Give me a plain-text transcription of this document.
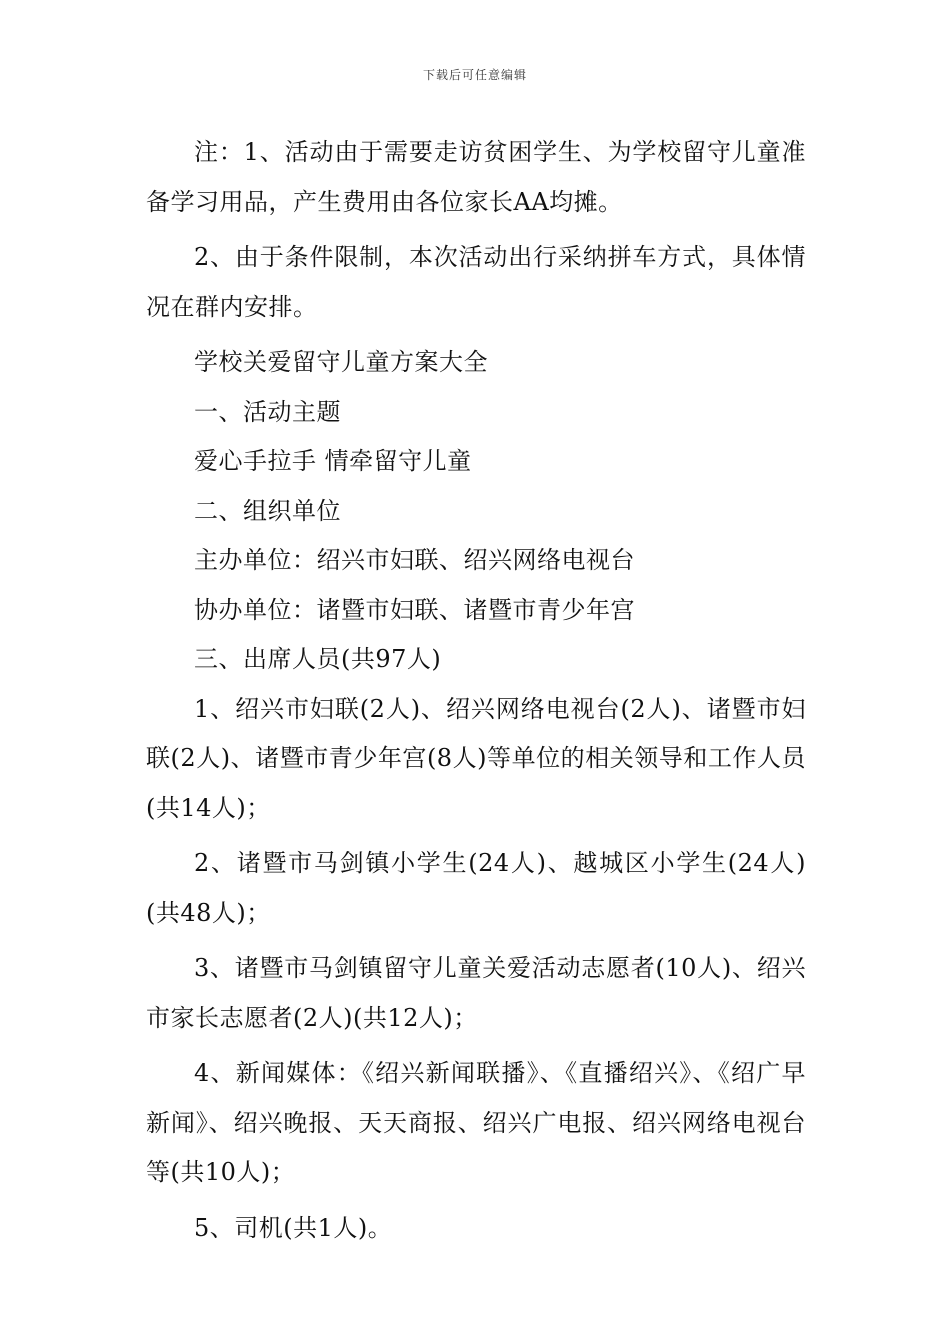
下载后可任意编辑

注：1、活动由于需要走访贫困学生、为学校留守儿童准备学习用品，产生费用由各位家长AA均摊。

2、由于条件限制，本次活动出行采纳拼车方式，具体情况在群内安排。

学校关爱留守儿童方案大全

一、活动主题

爱心手拉手 情牵留守儿童

二、组织单位

主办单位：绍兴市妇联、绍兴网络电视台

协办单位：诸暨市妇联、诸暨市青少年宫

三、出席人员(共97人)

1、绍兴市妇联(2人)、绍兴网络电视台(2人)、诸暨市妇联(2人)、诸暨市青少年宫(8人)等单位的相关领导和工作人员(共14人)；

2、诸暨市马剑镇小学生(24人)、越城区小学生(24人)(共48人)；

3、诸暨市马剑镇留守儿童关爱活动志愿者(10人)、绍兴市家长志愿者(2人)(共12人)；

4、新闻媒体：《绍兴新闻联播》、《直播绍兴》、《绍广早新闻》、绍兴晚报、天天商报、绍兴广电报、绍兴网络电视台等(共10人)；

5、司机(共1人)。
